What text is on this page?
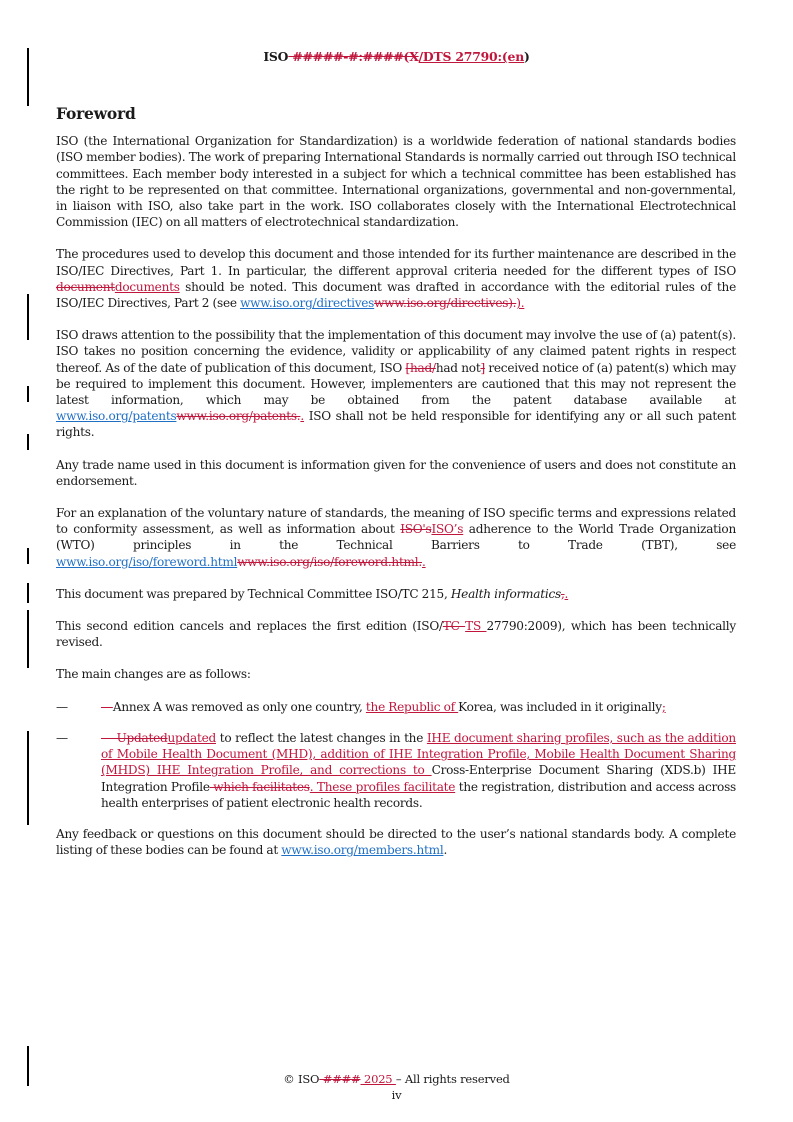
ISO #####-#:####(X/DTS 27790:(en)
Foreword

ISO (the International Organization for Standardization) is a worldwide federation of national standards bodies (ISO member bodies). The work of preparing International Standards is normally carried out through ISO technical committees. Each member body interested in a subject for which a technical committee has been established has the right to be represented on that committee. International organizations, governmental and non-governmental, in liaison with ISO, also take part in the work. ISO collaborates closely with the International Electrotechnical Commission (IEC) on all matters of electrotechnical standardization.

The procedures used to develop this document and those intended for its further maintenance are described in the ISO/IEC Directives, Part 1. In particular, the different approval criteria needed for the different types of ISO documentdocuments should be noted. This document was drafted in accordance with the editorial rules of the ISO/IEC Directives, Part 2 (see www.iso.org/directiveswww.iso.org/directives).).

ISO draws attention to the possibility that the implementation of this document may involve the use of (a) patent(s). ISO takes no position concerning the evidence, validity or applicability of any claimed patent rights in respect thereof. As of the date of publication of this document, ISO [had/had not] received notice of (a) patent(s) which may be required to implement this document. However, implementers are cautioned that this may not represent the latest information, which may be obtained from the patent database available at www.iso.org/patentswww.iso.org/patents.. ISO shall not be held responsible for identifying any or all such patent rights.

Any trade name used in this document is information given for the convenience of users and does not constitute an endorsement.

For an explanation of the voluntary nature of standards, the meaning of ISO specific terms and expressions related to conformity assessment, as well as information about ISO'sISO’s adherence to the World Trade Organization (WTO) principles in the Technical Barriers to Trade (TBT), see www.iso.org/iso/foreword.htmlwww.iso.org/iso/foreword.html..

This document was prepared by Technical Committee ISO/TC 215, Health informatics,.

This second edition cancels and replaces the first edition (ISO/TC TS 27790:2009), which has been technically revised.

The main changes are as follows:

—	—Annex A was removed as only one country, the Republic of Korea, was included in it originally;
—	— Updatedupdated to reflect the latest changes in the IHE document sharing profiles, such as the addition of Mobile Health Document (MHD), addition of IHE Integration Profile, Mobile Health Document Sharing (MHDS) IHE Integration Profile, and corrections to Cross-Enterprise Document Sharing (XDS.b) IHE Integration Profile which facilitates. These profiles facilitate the registration, distribution and access across health enterprises of patient electronic health records.

Any feedback or questions on this document should be directed to the user’s national standards body. A complete listing of these bodies can be found at www.iso.org/members.html.

© ISO #### 2025 – All rights reserved
iv
